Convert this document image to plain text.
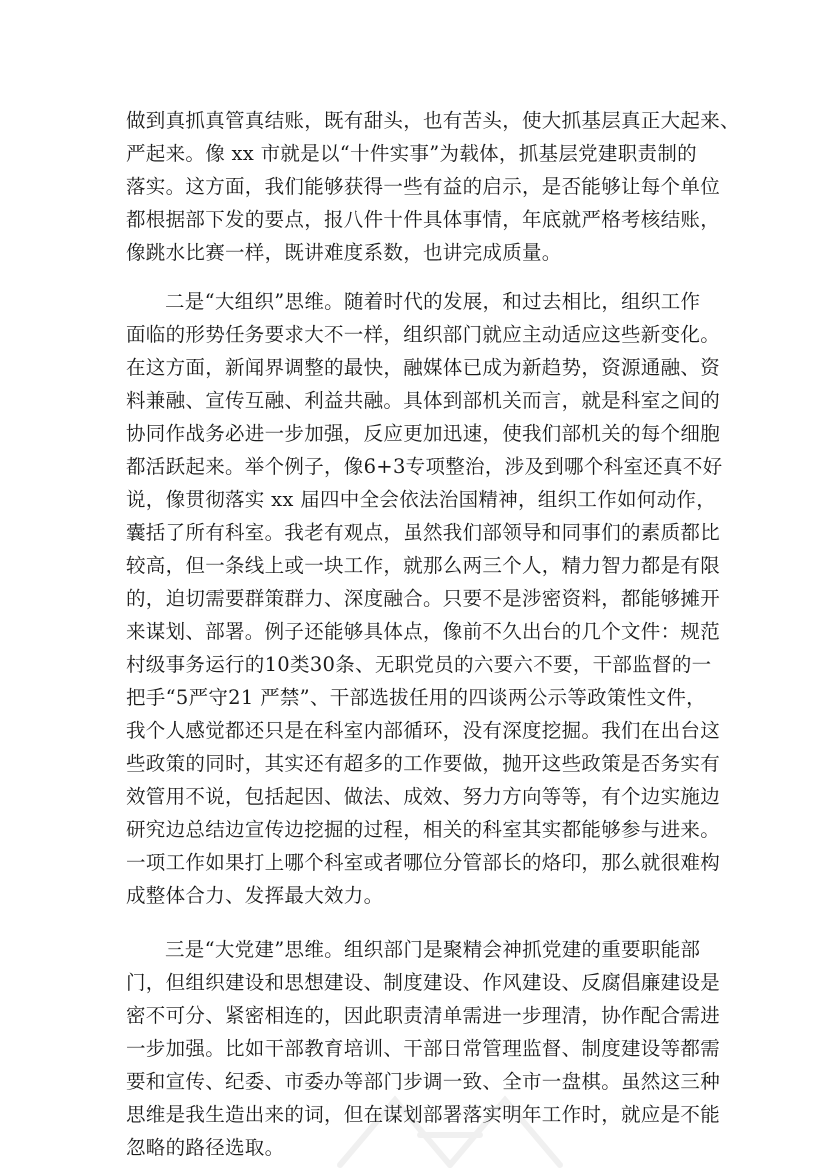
做到真抓真管真结账，既有甜头，也有苦头，使大抓基层真正大起来、
严起来。像 xx 市就是以“十件实事”为载体，抓基层党建职责制的
落实。这方面，我们能够获得一些有益的启示，是否能够让每个单位
都根据部下发的要点，报八件十件具体事情，年底就严格考核结账，
像跳水比赛一样，既讲难度系数，也讲完成质量。
二是“大组织”思维。随着时代的发展，和过去相比，组织工作
面临的形势任务要求大不一样，组织部门就应主动适应这些新变化。
在这方面，新闻界调整的最快，融媒体已成为新趋势，资源通融、资
料兼融、宣传互融、利益共融。具体到部机关而言，就是科室之间的
协同作战务必进一步加强，反应更加迅速，使我们部机关的每个细胞
都活跃起来。举个例子，像6+3专项整治，涉及到哪个科室还真不好
说，像贯彻落实 xx 届四中全会依法治国精神，组织工作如何动作，
囊括了所有科室。我老有观点，虽然我们部领导和同事们的素质都比
较高，但一条线上或一块工作，就那么两三个人，精力智力都是有限
的，迫切需要群策群力、深度融合。只要不是涉密资料，都能够摊开
来谋划、部署。例子还能够具体点，像前不久出台的几个文件：规范
村级事务运行的10类30条、无职党员的六要六不要，干部监督的一
把手“5严守21 严禁”、干部选拔任用的四谈两公示等政策性文件，
我个人感觉都还只是在科室内部循环，没有深度挖掘。我们在出台这
些政策的同时，其实还有超多的工作要做，抛开这些政策是否务实有
效管用不说，包括起因、做法、成效、努力方向等等，有个边实施边
研究边总结边宣传边挖掘的过程，相关的科室其实都能够参与进来。
一项工作如果打上哪个科室或者哪位分管部长的烙印，那么就很难构
成整体合力、发挥最大效力。
三是“大党建”思维。组织部门是聚精会神抓党建的重要职能部
门，但组织建设和思想建设、制度建设、作风建设、反腐倡廉建设是
密不可分、紧密相连的，因此职责清单需进一步理清，协作配合需进
一步加强。比如干部教育培训、干部日常管理监督、制度建设等都需
要和宣传、纪委、市委办等部门步调一致、全市一盘棋。虽然这三种
思维是我生造出来的词，但在谋划部署落实明年工作时，就应是不能
忽略的路径选取。
